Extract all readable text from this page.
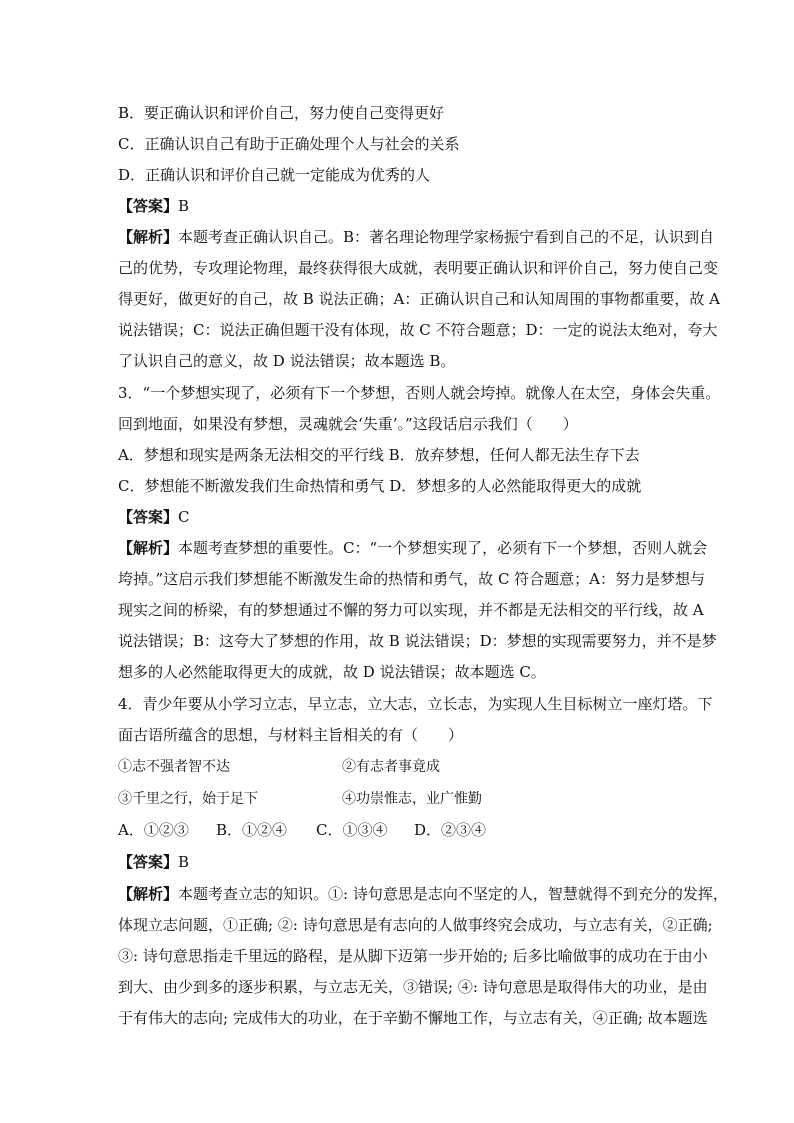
B．要正确认识和评价自己，努力使自己变得更好
C．正确认识自己有助于正确处理个人与社会的关系
D．正确认识和评价自己就一定能成为优秀的人
【答案】B
【解析】本题考查正确认识自己。B：著名理论物理学家杨振宁看到自己的不足，认识到自
己的优势，专攻理论物理，最终获得很大成就，表明要正确认识和评价自己，努力使自己变
得更好，做更好的自己，故 B 说法正确；A：正确认识自己和认知周围的事物都重要，故 A
说法错误；C：说法正确但题干没有体现，故 C 不符合题意；D：一定的说法太绝对，夸大
了认识自己的意义，故 D 说法错误；故本题选 B。
3．“一个梦想实现了，必须有下一个梦想，否则人就会垮掉。就像人在太空，身体会失重。
回到地面，如果没有梦想，灵魂就会‘失重’。”这段话启示我们（　　）
A．梦想和现实是两条无法相交的平行线 B．放弃梦想，任何人都无法生存下去
C．梦想能不断激发我们生命热情和勇气 D．梦想多的人必然能取得更大的成就
【答案】C
【解析】本题考查梦想的重要性。C：“一个梦想实现了，必须有下一个梦想，否则人就会
垮掉。”这启示我们梦想能不断激发生命的热情和勇气，故 C 符合题意；A：努力是梦想与
现实之间的桥梁，有的梦想通过不懈的努力可以实现，并不都是无法相交的平行线，故 A
说法错误；B：这夸大了梦想的作用，故 B 说法错误；D：梦想的实现需要努力，并不是梦
想多的人必然能取得更大的成就，故 D 说法错误；故本题选 C。
4．青少年要从小学习立志，早立志，立大志，立长志，为实现人生目标树立一座灯塔。下
面古语所蕴含的思想，与材料主旨相关的有（　　）
①志不强者智不达	②有志者事竟成
③千里之行，始于足下	④功崇惟志，业广惟勤
A．①②③ B．①②④ C．①③④ D．②③④
【答案】B
【解析】本题考查立志的知识。①: 诗句意思是志向不坚定的人，智慧就得不到充分的发挥，
体现立志问题，①正确; ②: 诗句意思是有志向的人做事终究会成功，与立志有关，②正确;
③: 诗句意思指走千里远的路程，是从脚下迈第一步开始的; 后多比喻做事的成功在于由小
到大、由少到多的逐步积累，与立志无关，③错误; ④: 诗句意思是取得伟大的功业，是由
于有伟大的志向; 完成伟大的功业，在于辛勤不懈地工作，与立志有关，④正确; 故本题选
